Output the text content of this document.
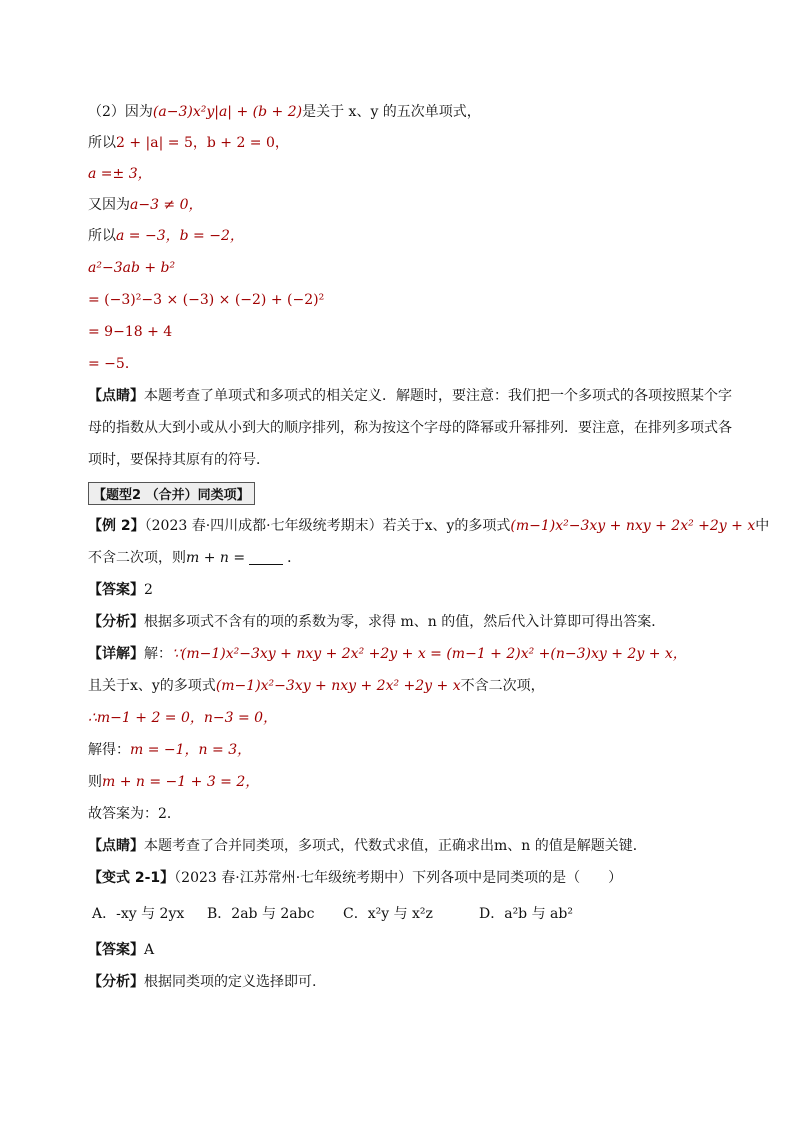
（2）因为(a−3)x²y|a| + (b + 2)是关于 x、y 的五次单项式，
所以2 + |a| = 5，b + 2 = 0，
a =± 3，
又因为a−3 ≠ 0，
所以a = −3，b = −2，
a²−3ab + b²
= (−3)²−3 × (−3) × (−2) + (−2)²
= 9−18 + 4
= −5．
【点睛】本题考查了单项式和多项式的相关定义．解题时，要注意：我们把一个多项式的各项按照某个字
母的指数从大到小或从小到大的顺序排列，称为按这个字母的降幂或升幂排列．要注意，在排列多项式各
项时，要保持其原有的符号．
【题型2 （合并）同类项】
【例 2】（2023 春·四川成都·七年级统考期末）若关于x、y的多项式(m−1)x²−3xy + nxy + 2x² +2y + x中
不含二次项，则m + n =	．
【答案】2
【分析】根据多项式不含有的项的系数为零，求得 m、n 的值，然后代入计算即可得出答案．
【详解】解：∵(m−1)x²−3xy + nxy + 2x² +2y + x = (m−1 + 2)x² +(n−3)xy + 2y + x，
且关于x、y的多项式(m−1)x²−3xy + nxy + 2x² +2y + x不含二次项，
∴m−1 + 2 = 0，n−3 = 0，
解得：m = −1，n = 3，
则m + n = −1 + 3 = 2，
故答案为：2．
【点睛】本题考查了合并同类项，多项式，代数式求值，正确求出m、n 的值是解题关键．
【变式 2-1】（2023 春·江苏常州·七年级统考期中）下列各项中是同类项的是（　　）
A．-xy 与 2yx B．2ab 与 2abc C．x²y 与 x²z	D．a²b 与 ab²
【答案】A
【分析】根据同类项的定义选择即可.
